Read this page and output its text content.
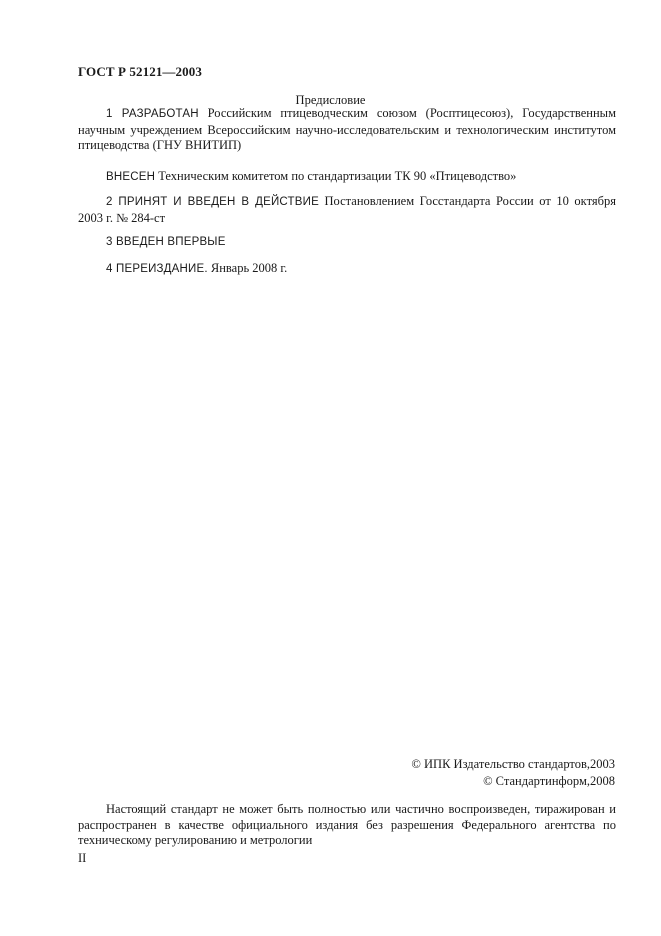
ГОСТ Р 52121—2003
Предисловие

1 РАЗРАБОТАН Российским птицеводческим союзом (Росптицесоюз), Государственным научным учреждением Всероссийским научно-исследовательским и технологическим институтом птицеводства (ГНУ ВНИТИП)

ВНЕСЕН Техническим комитетом по стандартизации ТК 90 «Птицеводство»

2 ПРИНЯТ И ВВЕДЕН В ДЕЙСТВИЕ Постановлением Госстандарта России от 10 октября 2003 г. № 284-ст

3 ВВЕДЕН ВПЕРВЫЕ

4 ПЕРЕИЗДАНИЕ. Январь 2008 г.

© ИПК Издательство стандартов,2003
© Стандартинформ,2008

Настоящий стандарт не может быть полностью или частично воспроизведен, тиражирован и распространен в качестве официального издания без разрешения Федерального агентства по техническому регулированию и метрологии

II
